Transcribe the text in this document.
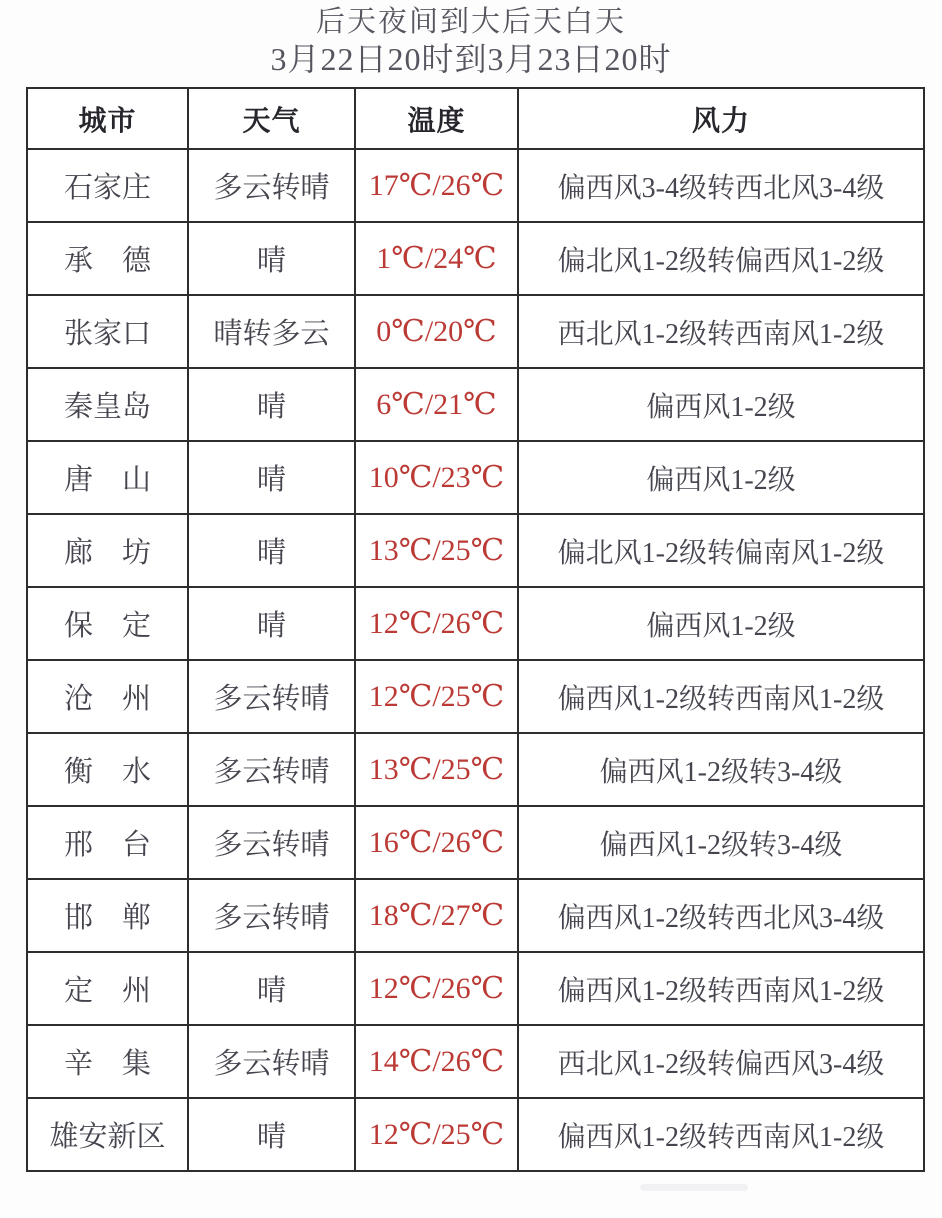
后天夜间到大后天白天
3月22日20时到3月23日20时
城市	天气	温度	风力
石家庄	多云转晴	17℃/26℃	偏西风3-4级转西北风3-4级
承　德	晴	1℃/24℃	偏北风1-2级转偏西风1-2级
张家口	晴转多云	0℃/20℃	西北风1-2级转西南风1-2级
秦皇岛	晴	6℃/21℃	偏西风1-2级
唐　山	晴	10℃/23℃	偏西风1-2级
廊　坊	晴	13℃/25℃	偏北风1-2级转偏南风1-2级
保　定	晴	12℃/26℃	偏西风1-2级
沧　州	多云转晴	12℃/25℃	偏西风1-2级转西南风1-2级
衡　水	多云转晴	13℃/25℃	偏西风1-2级转3-4级
邢　台	多云转晴	16℃/26℃	偏西风1-2级转3-4级
邯　郸	多云转晴	18℃/27℃	偏西风1-2级转西北风3-4级
定　州	晴	12℃/26℃	偏西风1-2级转西南风1-2级
辛　集	多云转晴	14℃/26℃	西北风1-2级转偏西风3-4级
雄安新区	晴	12℃/25℃	偏西风1-2级转西南风1-2级
